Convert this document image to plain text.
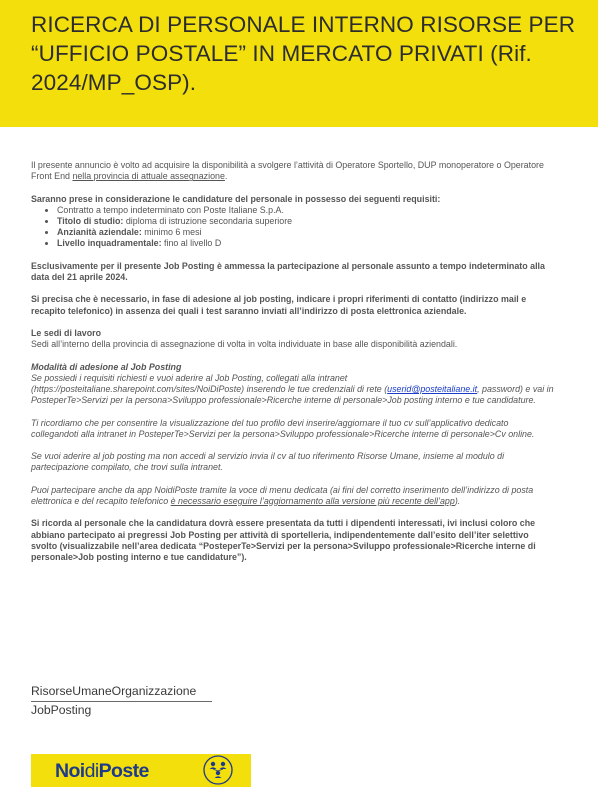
RICERCA DI PERSONALE INTERNO RISORSE PER “UFFICIO POSTALE” IN MERCATO PRIVATI (Rif. 2024/MP_OSP).

Il presente annuncio è volto ad acquisire la disponibilità a svolgere l’attività di Operatore Sportello, DUP monoperatore o Operatore Front End nella provincia di attuale assegnazione.

Saranno prese in considerazione le candidature del personale in possesso dei seguenti requisiti:
• Contratto a tempo indeterminato con Poste Italiane S.p.A.
• Titolo di studio: diploma di istruzione secondaria superiore
• Anzianità aziendale: minimo 6 mesi
• Livello inquadramentale: fino al livello D

Esclusivamente per il presente Job Posting è ammessa la partecipazione al personale assunto a tempo indeterminato alla data del 21 aprile 2024.

Si precisa che è necessario, in fase di adesione al job posting, indicare i propri riferimenti di contatto (indirizzo mail e recapito telefonico) in assenza dei quali i test saranno inviati all’indirizzo di posta elettronica aziendale.

Le sedi di lavoro
Sedi all’interno della provincia di assegnazione di volta in volta individuate in base alle disponibilità aziendali.

Modalità di adesione al Job Posting
Se possiedi i requisiti richiesti e vuoi aderire al Job Posting, collegati alla intranet (https://posteitaliane.sharepoint.com/sites/NoiDiPoste) inserendo le tue credenziali di rete (userid@posteitaliane.it, password) e vai in PosteperTe>Servizi per la persona>Sviluppo professionale>Ricerche interne di personale>Job posting interno e tue candidature.

Ti ricordiamo che per consentire la visualizzazione del tuo profilo devi inserire/aggiornare il tuo cv sull’applicativo dedicato collegandoti alla intranet in PosteperTe>Servizi per la persona>Sviluppo professionale>Ricerche interne di personale>Cv online.

Se vuoi aderire al job posting ma non accedi al servizio invia il cv al tuo riferimento Risorse Umane, insieme al modulo di partecipazione compilato, che trovi sulla intranet.

Puoi partecipare anche da app NoidiPoste tramite la voce di menu dedicata (ai fini del corretto inserimento dell’indirizzo di posta elettronica e del recapito telefonico è necessario eseguire l’aggiornamento alla versione più recente dell’app).

Si ricorda al personale che la candidatura dovrà essere presentata da tutti i dipendenti interessati, ivi inclusi coloro che abbiano partecipato ai pregressi Job Posting per attività di sportelleria, indipendentemente dall’esito dell’iter selettivo svolto (visualizzabile nell’area dedicata “PosteperTe>Servizi per la persona>Sviluppo professionale>Ricerche interne di personale>Job posting interno e tue candidature”).

RisorseUmaneOrganizzazione
JobPosting
NoidiPoste
